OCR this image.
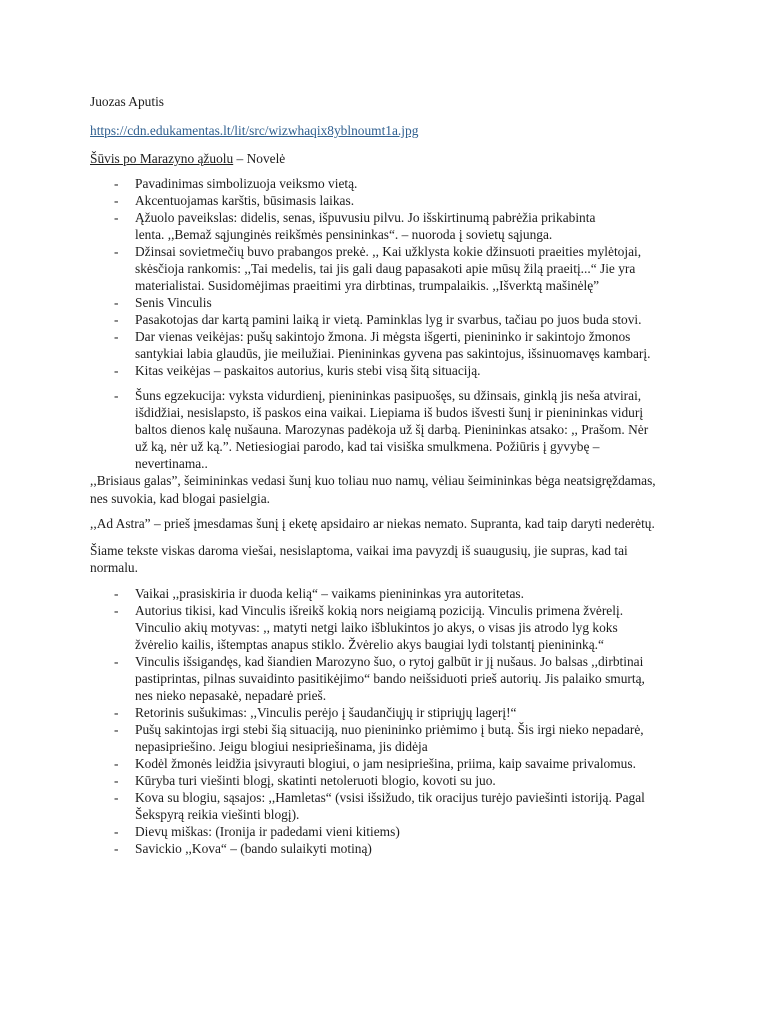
Juozas Aputis
https://cdn.edukamentas.lt/lit/src/wizwhaqix8yblnoumt1a.jpg
Šūvis po Marazyno ąžuolu – Novelė
- Pavadinimas simbolizuoja veiksmo vietą.
- Akcentuojamas karštis, būsimasis laikas.
- Ąžuolo paveikslas: didelis, senas, išpuvusiu pilvu. Jo išskirtinumą pabrėžia prikabinta
lenta. ,,Bemaž sąjunginės reikšmės pensininkas“. – nuoroda į sovietų sąjunga.
- Džinsai sovietmečių buvo prabangos prekė. ,, Kai užklysta kokie džinsuoti praeities mylėtojai,
skėsčioja rankomis: ,,Tai medelis, tai jis gali daug papasakoti apie mūsų žilą praeitį...“ Jie yra
materialistai. Susidomėjimas praeitimi yra dirbtinas, trumpalaikis. ,,Išverktą mašinėlę”
- Senis Vinculis
- Pasakotojas dar kartą pamini laiką ir vietą. Paminklas lyg ir svarbus, tačiau po juos buda stovi.
- Dar vienas veikėjas: pušų sakintojo žmona. Ji mėgsta išgerti, pienininko ir sakintojo žmonos
santykiai labia glaudūs, jie meilužiai. Pienininkas gyvena pas sakintojus, išsinuomavęs kambarį.
- Kitas veikėjas – paskaitos autorius, kuris stebi visą šitą situaciją.
- Šuns egzekucija: vyksta vidurdienį, pienininkas pasipuošęs, su džinsais, ginklą jis neša atvirai,
išdidžiai, nesislapsto, iš paskos eina vaikai. Liepiama iš budos išvesti šunį ir pienininkas vidurį
baltos dienos kalę nušauna. Marozynas padėkoja už šį darbą. Pienininkas atsako: ,, Prašom. Nėr
už ką, nėr už ką.”. Netiesiogiai parodo, kad tai visiška smulkmena. Požiūris į gyvybę –
nevertinama..
,,Brisiaus galas”, šeimininkas vedasi šunį kuo toliau nuo namų, vėliau šeimininkas bėga neatsigręždamas,
nes suvokia, kad blogai pasielgia.
,,Ad Astra” – prieš įmesdamas šunį į eketę apsidairo ar niekas nemato. Supranta, kad taip daryti nederėtų.
Šiame tekste viskas daroma viešai, nesislaptoma, vaikai ima pavyzdį iš suaugusių, jie supras, kad tai
normalu.
- Vaikai ,,prasiskiria ir duoda kelią“ – vaikams pienininkas yra autoritetas.
- Autorius tikisi, kad Vinculis išreikš kokią nors neigiamą poziciją. Vinculis primena žvėrelį.
Vinculio akių motyvas: ,, matyti netgi laiko išblukintos jo akys, o visas jis atrodo lyg koks
žvėrelio kailis, ištemptas anapus stiklo. Žvėrelio akys baugiai lydi tolstantį pienininką.“
- Vinculis išsigandęs, kad šiandien Marozyno šuo, o rytoj galbūt ir jį nušaus. Jo balsas ,,dirbtinai
pastiprintas, pilnas suvaidinto pasitikėjimo“ bando neišsiduoti prieš autorių. Jis palaiko smurtą,
nes nieko nepasakė, nepadarė prieš.
- Retorinis sušukimas: ,,Vinculis perėjo į šaudančiųjų ir stipriųjų lagerį!“
- Pušų sakintojas irgi stebi šią situaciją, nuo pienininko priėmimo į butą. Šis irgi nieko nepadarė,
nepasipriešino. Jeigu blogiui nesipriešinama, jis didėja
- Kodėl žmonės leidžia įsivyrauti blogiui, o jam nesipriešina, priima, kaip savaime privalomus.
- Kūryba turi viešinti blogį, skatinti netoleruoti blogio, kovoti su juo.
- Kova su blogiu, sąsajos: ,,Hamletas“ (vsisi išsižudo, tik oracijus turėjo paviešinti istoriją. Pagal
Šekspyrą reikia viešinti blogį).
- Dievų miškas: (Ironija ir padedami vieni kitiems)
- Savickio ,,Kova“ – (bando sulaikyti motiną)
